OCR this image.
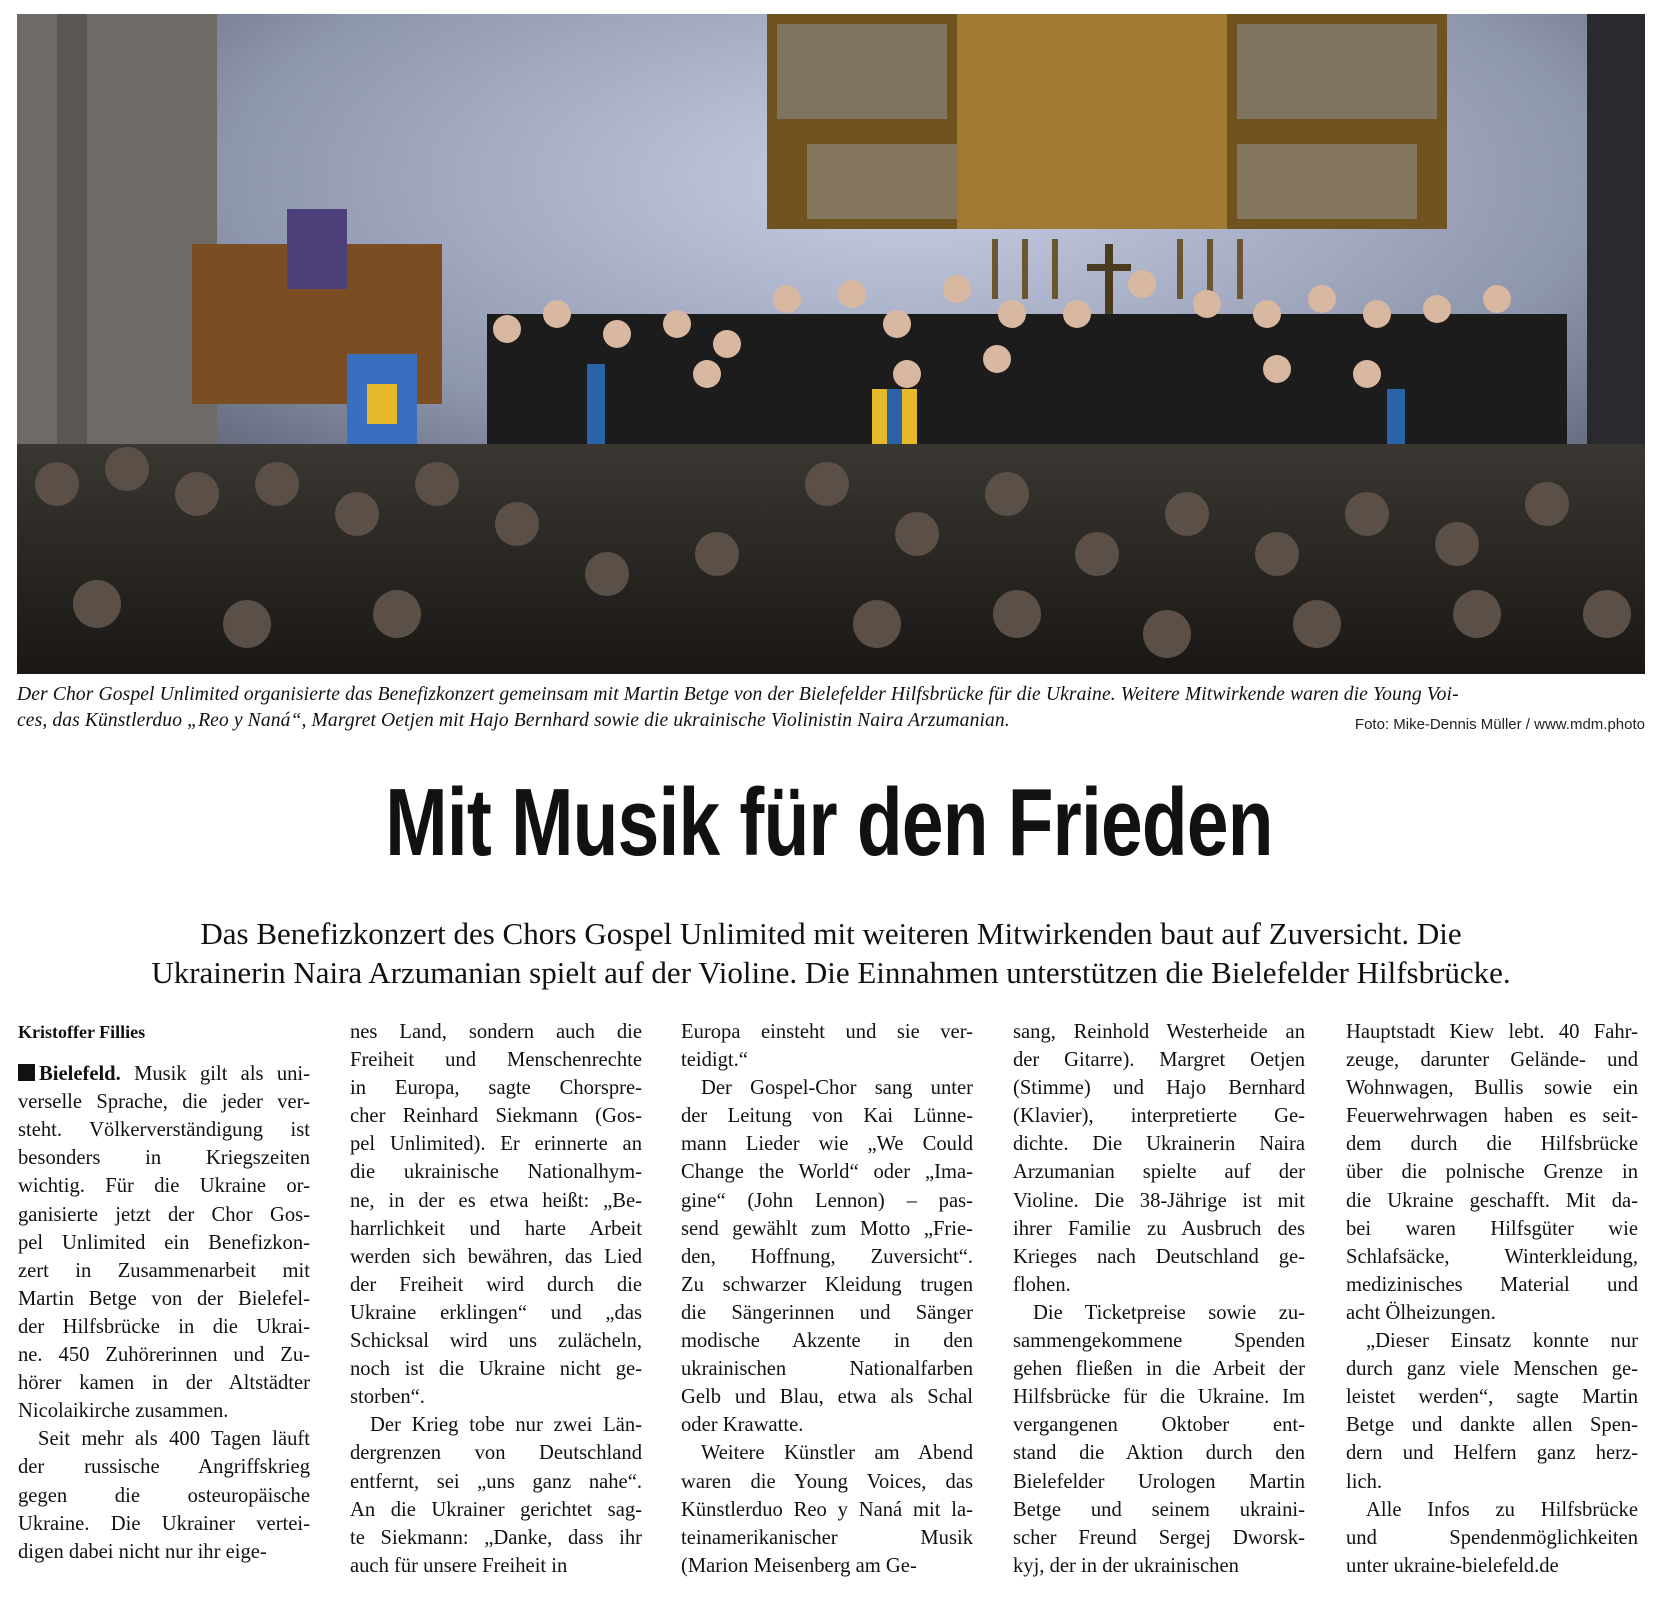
Der Chor Gospel Unlimited organisierte das Benefizkonzert gemeinsam mit Martin Betge von der Bielefelder Hilfsbrücke für die Ukraine. Weitere Mitwirkende waren die Young Voi-
ces, das Künstlerduo „Reo y Naná“, Margret Oetjen mit Hajo Bernhard sowie die ukrainische Violinistin Naira Arzumanian.	Foto: Mike-Dennis Müller / www.mdm.photo
Mit Musik für den Frieden
Das Benefizkonzert des Chors Gospel Unlimited mit weiteren Mitwirkenden baut auf Zuversicht. Die
Ukrainerin Naira Arzumanian spielt auf der Violine. Die Einnahmen unterstützen die Bielefelder Hilfsbrücke.
Kristoffer Fillies
Bielefeld. Musik gilt als uni-
verselle Sprache, die jeder ver-
steht. Völkerverständigung ist
besonders in Kriegszeiten
wichtig. Für die Ukraine or-
ganisierte jetzt der Chor Gos-
pel Unlimited ein Benefizkon-
zert in Zusammenarbeit mit
Martin Betge von der Bielefel-
der Hilfsbrücke in die Ukrai-
ne. 450 Zuhörerinnen und Zu-
hörer kamen in der Altstädter
Nicolaikirche zusammen.
Seit mehr als 400 Tagen läuft
der russische Angriffskrieg
gegen die osteuropäische
Ukraine. Die Ukrainer vertei-
digen dabei nicht nur ihr eige-
nes Land, sondern auch die
Freiheit und Menschenrechte
in Europa, sagte Chorspre-
cher Reinhard Siekmann (Gos-
pel Unlimited). Er erinnerte an
die ukrainische Nationalhym-
ne, in der es etwa heißt: „Be-
harrlichkeit und harte Arbeit
werden sich bewähren, das Lied
der Freiheit wird durch die
Ukraine erklingen“ und „das
Schicksal wird uns zulächeln,
noch ist die Ukraine nicht ge-
storben“.
Der Krieg tobe nur zwei Län-
dergrenzen von Deutschland
entfernt, sei „uns ganz nahe“.
An die Ukrainer gerichtet sag-
te Siekmann: „Danke, dass ihr
auch für unsere Freiheit in
Europa einsteht und sie ver-
teidigt.“
Der Gospel-Chor sang unter
der Leitung von Kai Lünne-
mann Lieder wie „We Could
Change the World“ oder „Ima-
gine“ (John Lennon) – pas-
send gewählt zum Motto „Frie-
den, Hoffnung, Zuversicht“.
Zu schwarzer Kleidung trugen
die Sängerinnen und Sänger
modische Akzente in den
ukrainischen Nationalfarben
Gelb und Blau, etwa als Schal
oder Krawatte.
Weitere Künstler am Abend
waren die Young Voices, das
Künstlerduo Reo y Naná mit la-
teinamerikanischer Musik
(Marion Meisenberg am Ge-
sang, Reinhold Westerheide an
der Gitarre). Margret Oetjen
(Stimme) und Hajo Bernhard
(Klavier), interpretierte Ge-
dichte. Die Ukrainerin Naira
Arzumanian spielte auf der
Violine. Die 38-Jährige ist mit
ihrer Familie zu Ausbruch des
Krieges nach Deutschland ge-
flohen.
Die Ticketpreise sowie zu-
sammengekommene Spenden
gehen fließen in die Arbeit der
Hilfsbrücke für die Ukraine. Im
vergangenen Oktober ent-
stand die Aktion durch den
Bielefelder Urologen Martin
Betge und seinem ukraini-
scher Freund Sergej Dworsk-
kyj, der in der ukrainischen
Hauptstadt Kiew lebt. 40 Fahr-
zeuge, darunter Gelände- und
Wohnwagen, Bullis sowie ein
Feuerwehrwagen haben es seit-
dem durch die Hilfsbrücke
über die polnische Grenze in
die Ukraine geschafft. Mit da-
bei waren Hilfsgüter wie
Schlafsäcke, Winterkleidung,
medizinisches Material und
acht Ölheizungen.
„Dieser Einsatz konnte nur
durch ganz viele Menschen ge-
leistet werden“, sagte Martin
Betge und dankte allen Spen-
dern und Helfern ganz herz-
lich.
Alle Infos zu Hilfsbrücke
und Spendenmöglichkeiten
unter ukraine-bielefeld.de
